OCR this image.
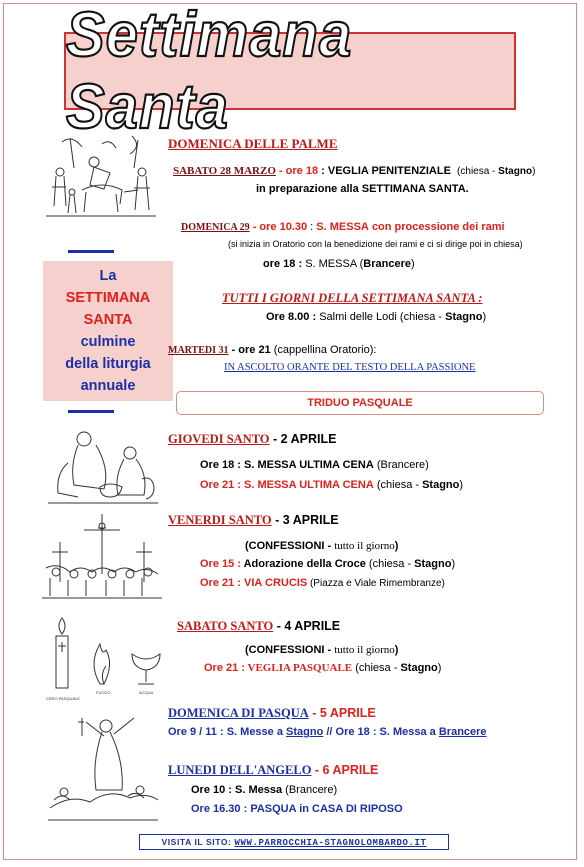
Settimana Santa
CERO PASQUALE
FUOCO	ACQUA
La
SETTIMANA
SANTA
culmine
della liturgia
annuale
DOMENICA DELLE PALME
SABATO 28 MARZO - ore 18 : VEGLIA PENITENZIALE (chiesa - Stagno)
in preparazione alla SETTIMANA SANTA.
DOMENICA 29 - ore 10.30 : S. MESSA con processione dei rami
(si inizia in Oratorio con la benedizione dei rami e ci si dirige poi in chiesa)
ore 18 : S. MESSA (Brancere)
TUTTI I GIORNI DELLA SETTIMANA SANTA :
Ore 8.00 : Salmi delle Lodi (chiesa - Stagno)
MARTEDI 31 - ore 21 (cappellina Oratorio):
IN ASCOLTO ORANTE DEL TESTO DELLA PASSIONE
TRIDUO PASQUALE
GIOVEDI SANTO - 2 APRILE
Ore 18 : S. MESSA ULTIMA CENA (Brancere)
Ore 21 : S. MESSA ULTIMA CENA (chiesa - Stagno)
VENERDI SANTO - 3 APRILE
(CONFESSIONI - tutto il giorno)
Ore 15 : Adorazione della Croce (chiesa - Stagno)
Ore 21 : VIA CRUCIS (Piazza e Viale Rimembranze)
SABATO SANTO - 4 APRILE
(CONFESSIONI - tutto il giorno)
Ore 21 : VEGLIA PASQUALE (chiesa - Stagno)
DOMENICA DI PASQUA - 5 APRILE
Ore 9 / 11 : S. Messe a Stagno // Ore 18 : S. Messa a Brancere
LUNEDI DELL'ANGELO - 6 APRILE
Ore 10 : S. Messa (Brancere)
Ore 16.30 : PASQUA in CASA DI RIPOSO
VISITA IL SITO: WWW.PARROCCHIA-STAGNOLOMBARDO.IT
